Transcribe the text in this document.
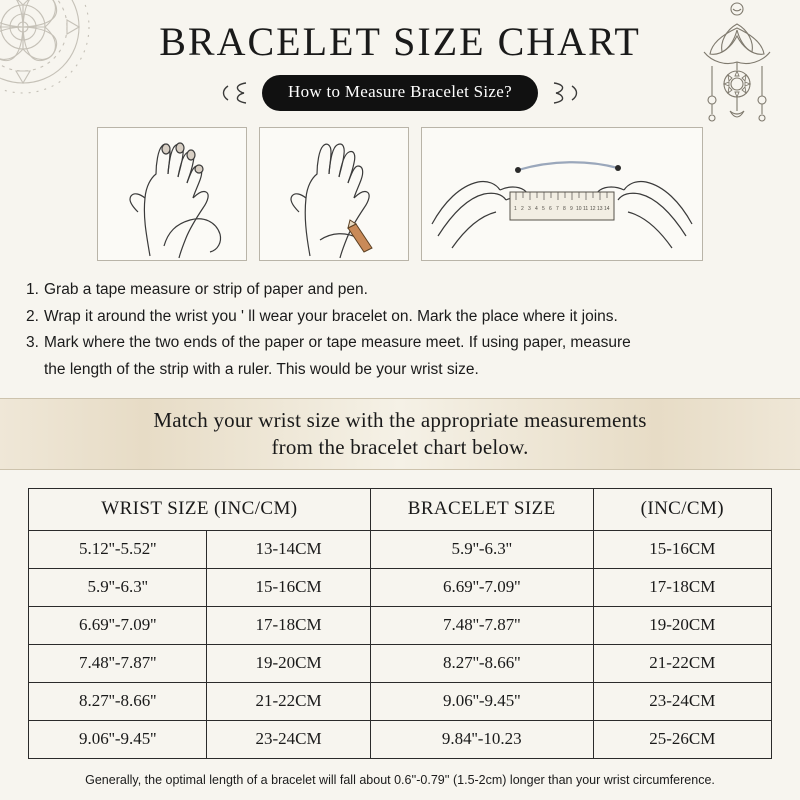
BRACELET SIZE CHART
How to Measure Bracelet Size?
1 2 3 4 5 6 7 8 9 10 11 12 13 14
1. Grab a tape measure or strip of paper and pen.
2. Wrap it around the wrist you ' ll wear your bracelet on. Mark the place where it joins.
3. Mark where the two ends of the paper or tape measure meet. If using paper, measure
the length of the strip with a ruler. This would be your wrist size.
Match your wrist size with the appropriate measurements
from the bracelet chart below.
WRIST SIZE (INC/CM)		BRACELET SIZE	(INC/CM)
5.12''-5.52''	13-14CM	5.9''-6.3''	15-16CM
5.9''-6.3''	15-16CM	6.69''-7.09''	17-18CM
6.69''-7.09''	17-18CM	7.48''-7.87''	19-20CM
7.48''-7.87''	19-20CM	8.27''-8.66''	21-22CM
8.27''-8.66''	21-22CM	9.06''-9.45''	23-24CM
9.06''-9.45''	23-24CM	9.84''-10.23	25-26CM
Generally, the optimal length of a bracelet will fall about 0.6''-0.79'' (1.5-2cm) longer than your wrist circumference.
